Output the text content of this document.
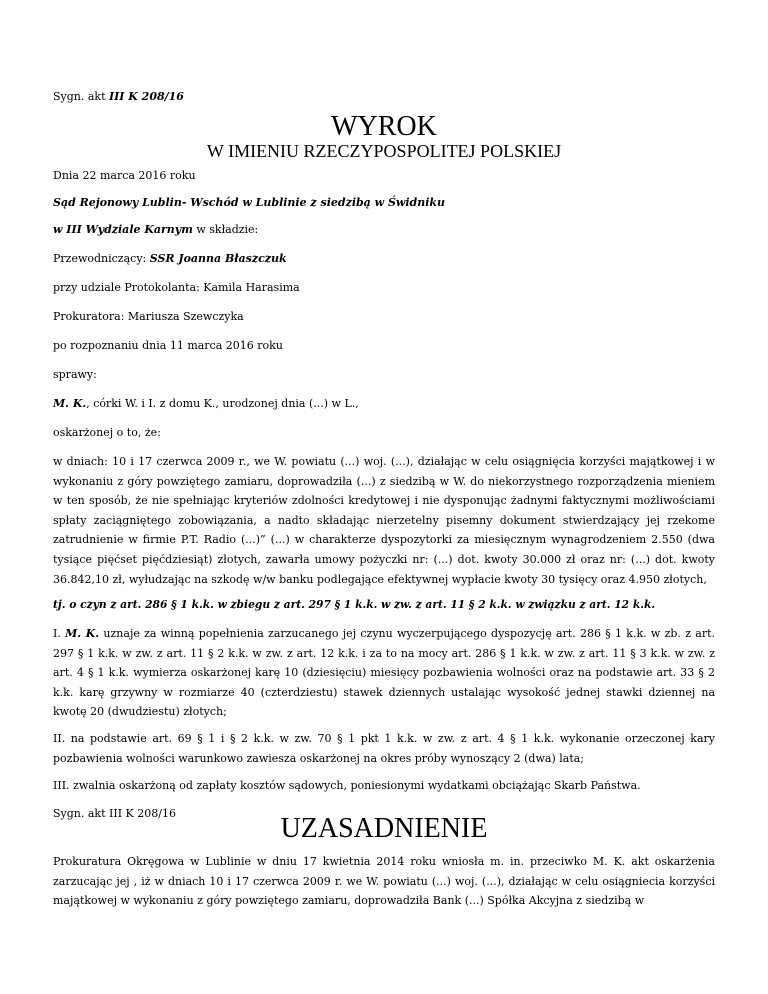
Sygn. akt III K 208/16

WYROK

W IMIENIU RZECZYPOSPOLITEJ POLSKIEJ

Dnia 22 marca 2016 roku

Sąd Rejonowy Lublin- Wschód w Lublinie z siedzibą w Świdniku

w III Wydziale Karnym w składzie:

Przewodniczący: SSR Joanna Błaszczuk

przy udziale Protokolanta: Kamila Harasima

Prokuratora: Mariusza Szewczyka

po rozpoznaniu dnia 11 marca 2016 roku

sprawy:

M. K., córki W. i I. z domu K., urodzonej dnia (...) w L.,

oskarżonej o to, że:

w dniach: 10 i 17 czerwca 2009 r., we W. powiatu (...) woj. (...), działając w celu osiągnięcia korzyści majątkowej i w wykonaniu z góry powziętego zamiaru, doprowadziła (...) z siedzibą w W. do niekorzystnego rozporządzenia mieniem w ten sposób, że nie spełniając kryteriów zdolności kredytowej i nie dysponując żadnymi faktycznymi możliwościami spłaty zaciągniętego zobowiązania, a nadto składając nierzetelny pisemny dokument stwierdzający jej rzekome zatrudnienie w firmie P.T. Radio (...)” (...) w charakterze dyspozytorki za miesięcznym wynagrodzeniem 2.550 (dwa tysiące pięćset pięćdziesiąt) złotych, zawarła umowy pożyczki nr: (...) dot. kwoty 30.000 zł oraz nr: (...) dot. kwoty 36.842,10 zł, wyłudzając na szkodę w/w banku podlegające efektywnej wypłacie kwoty 30 tysięcy oraz 4.950 złotych,

tj. o czyn z art. 286 § 1 k.k. w zbiegu z art. 297 § 1 k.k. w zw. z art. 11 § 2 k.k. w związku z art. 12 k.k.

I. M. K. uznaje za winną popełnienia zarzucanego jej czynu wyczerpującego dyspozycję art. 286 § 1 k.k. w zb. z art. 297 § 1 k.k. w zw. z art. 11 § 2 k.k. w zw. z art. 12 k.k. i za to na mocy art. 286 § 1 k.k. w zw. z art. 11 § 3 k.k. w zw. z art. 4 § 1 k.k. wymierza oskarżonej karę 10 (dziesięciu) miesięcy pozbawienia wolności oraz na podstawie art. 33 § 2 k.k. karę grzywny w rozmiarze 40 (czterdziestu) stawek dziennych ustalając wysokość jednej stawki dziennej na kwotę 20 (dwudziestu) złotych;

II. na podstawie art. 69 § 1 i § 2 k.k. w zw. 70 § 1 pkt 1 k.k. w zw. z art. 4 § 1 k.k. wykonanie orzeczonej kary pozbawienia wolności warunkowo zawiesza oskarżonej na okres próby wynoszący 2 (dwa) lata;

III. zwalnia oskarżoną od zapłaty kosztów sądowych, poniesionymi wydatkami obciążając Skarb Państwa.

Sygn. akt III K 208/16	UZASADNIENIE

Prokuratura Okręgowa w Lublinie w dniu 17 kwietnia 2014 roku wniosła m. in. przeciwko M. K. akt oskarżenia zarzucając jej , iż w dniach 10 i 17 czerwca 2009 r. we W. powiatu (...) woj. (...), działając w celu osiągniecia korzyści majątkowej w wykonaniu z góry powziętego zamiaru, doprowadziła Bank (...) Spółka Akcyjna z siedzibą w
